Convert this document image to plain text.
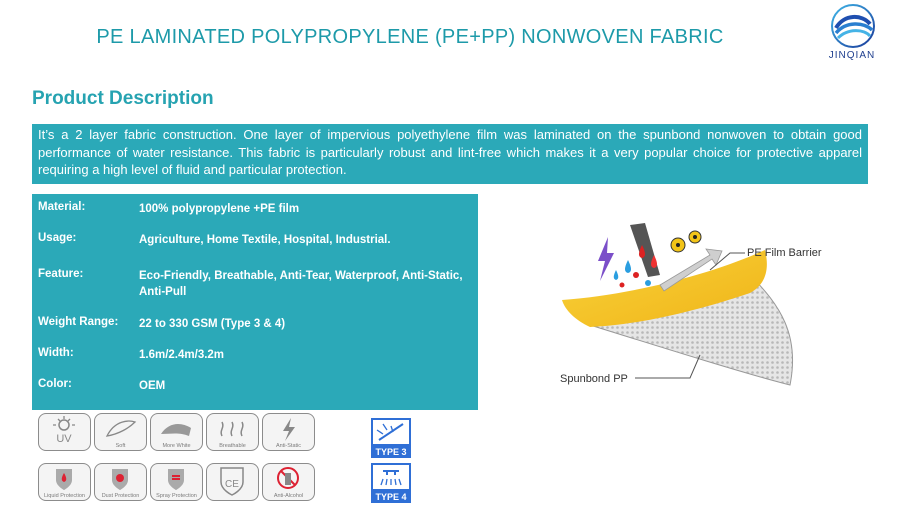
PE LAMINATED POLYPROPYLENE (PE+PP) NONWOVEN FABRIC
JINQIAN
Product Description
It’s a 2 layer fabric construction. One layer of impervious polyethylene film was laminated on the spunbond nonwoven to obtain good performance of water resistance. This fabric is particularly robust and lint-free which makes it a very popular choice for protective apparel requiring a high level of fluid and particular protection.
Material:	100% polypropylene +PE film
Usage:	Agriculture, Home Textile, Hospital, Industrial.
Feature:	Eco-Friendly, Breathable, Anti-Tear, Waterproof, Anti-Static, Anti-Pull
Weight Range:	22 to 330 GSM (Type 3 & 4)
Width:	1.6m/2.4m/3.2m
Color:	OEM
UV
Soft	More White	Breathable	Anti-Static
Liquid Protection	Dust Protection	Spray Protection
CE
Anti-Alcohol
TYPE 3
TYPE 4
PE Film Barrier
Spunbond PP
